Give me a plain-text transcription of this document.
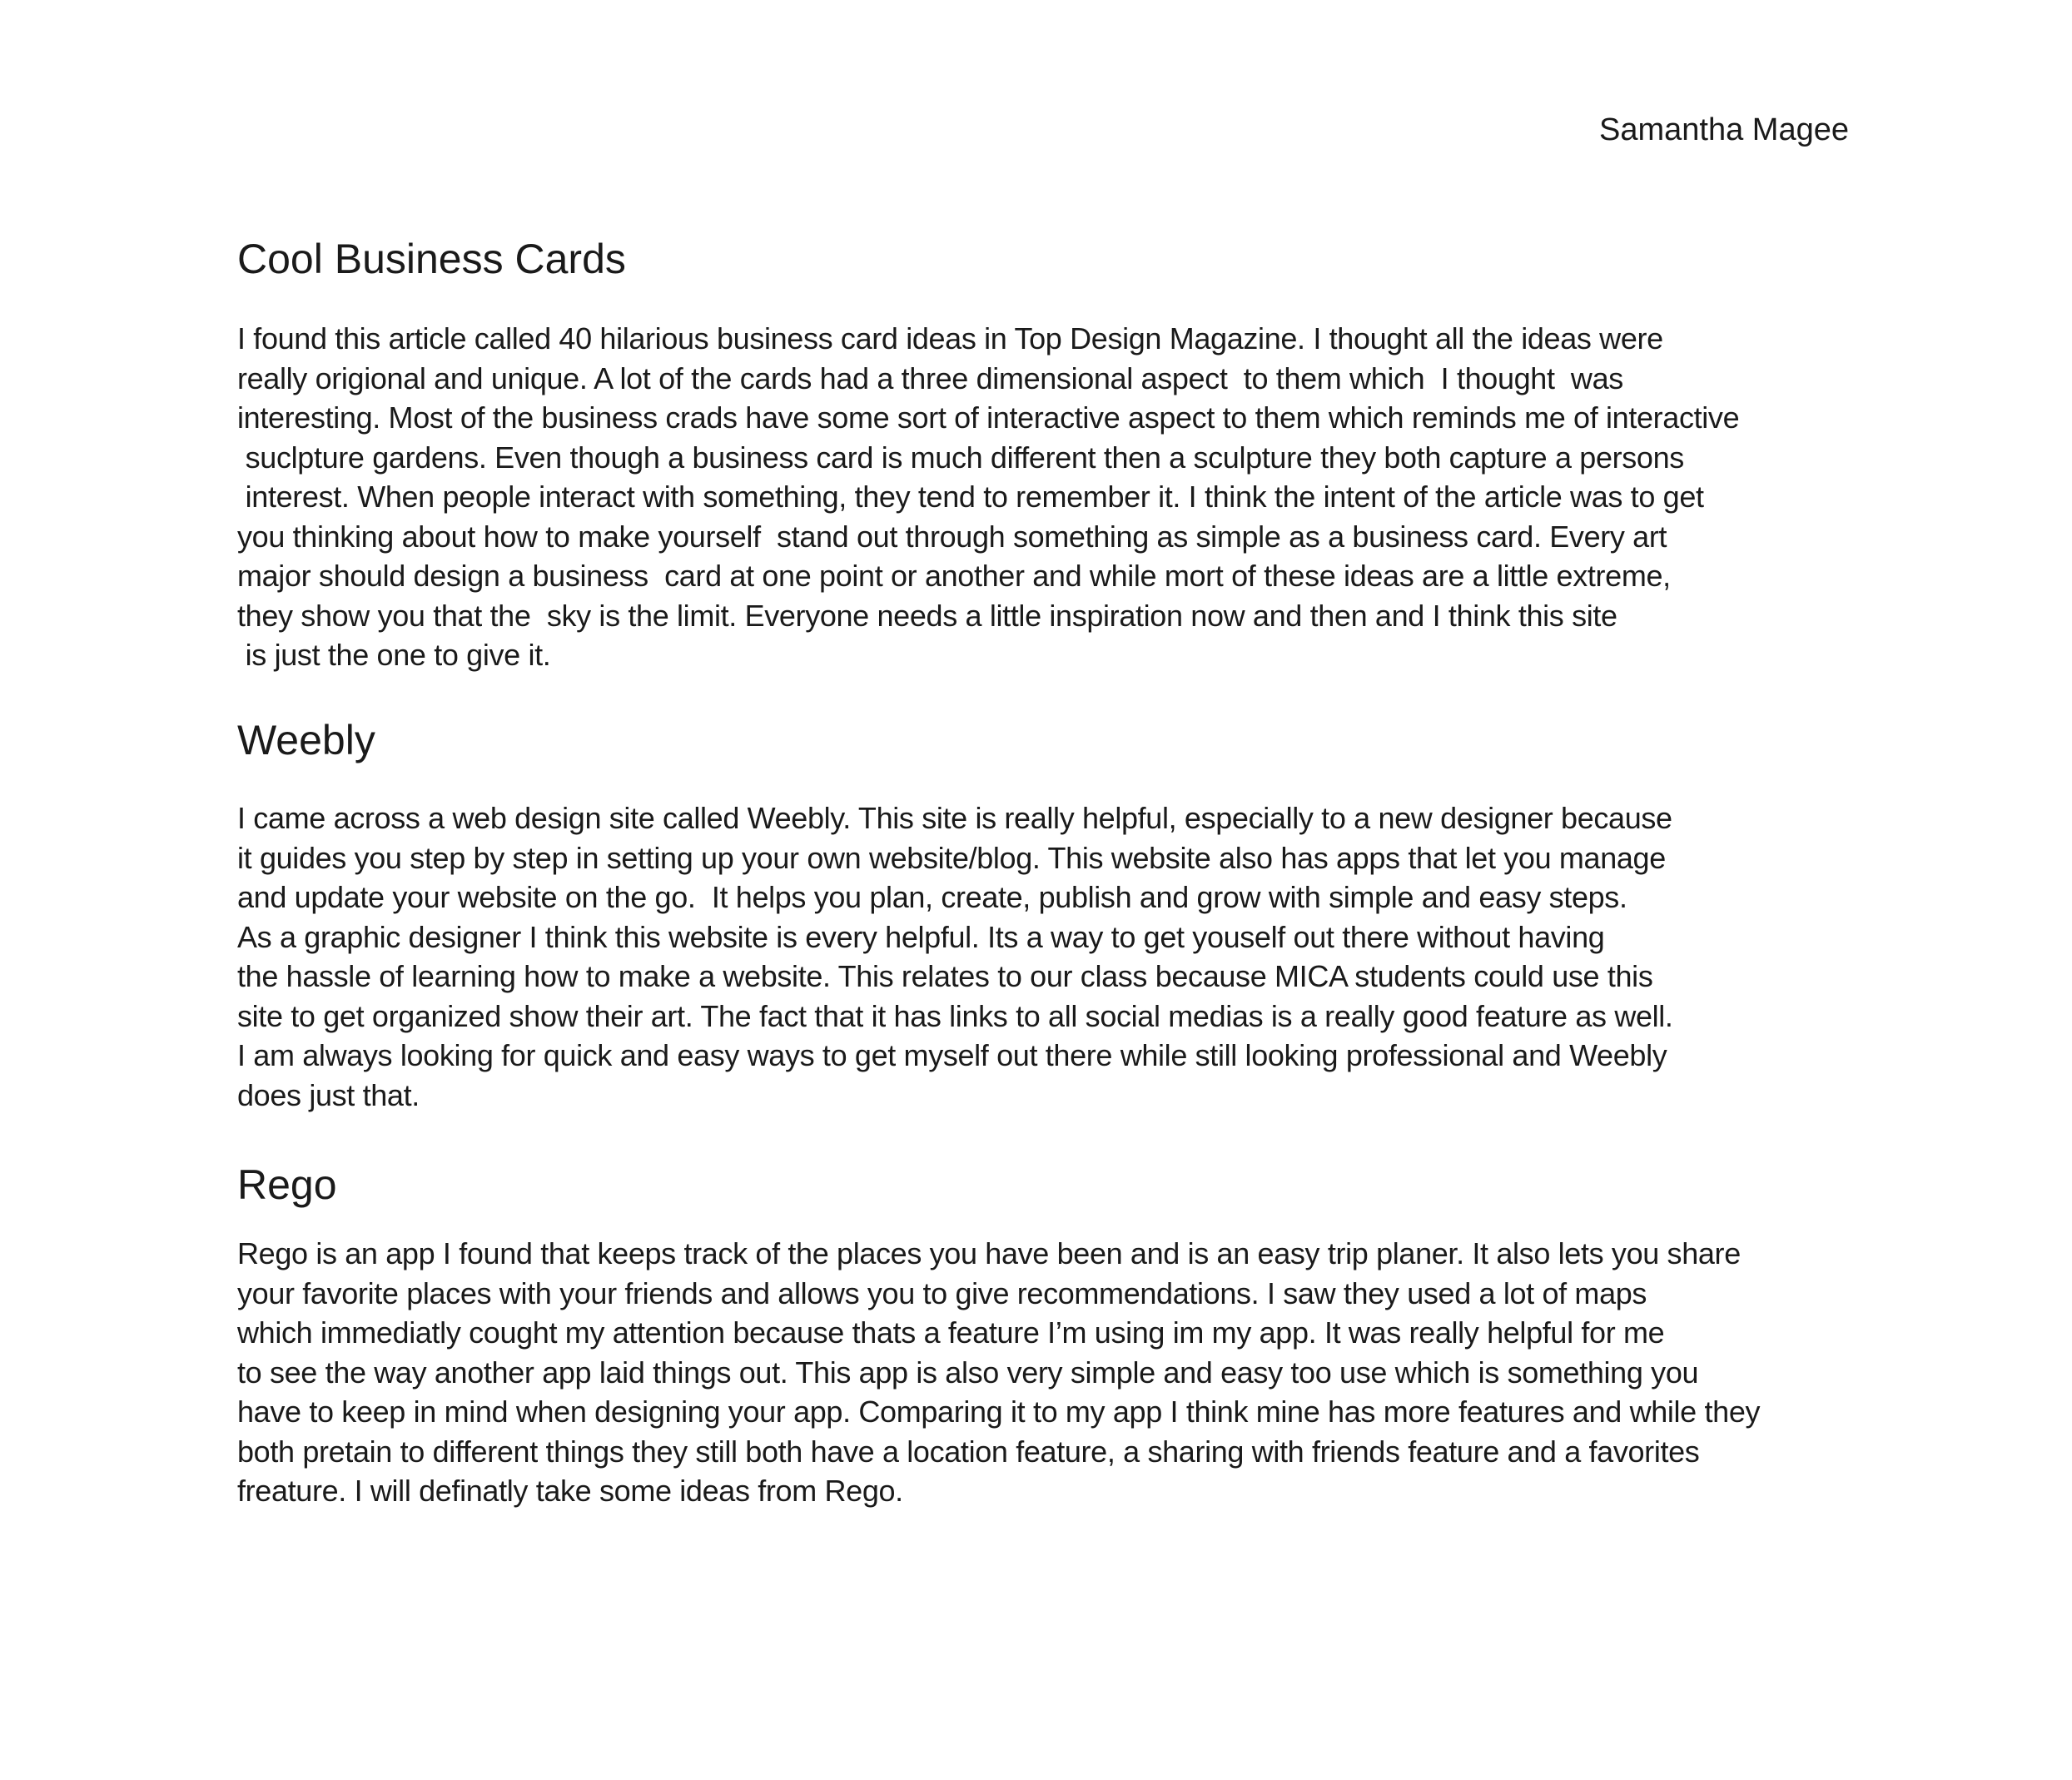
Samantha Magee
Cool Business Cards
I found this article called 40 hilarious business card ideas in Top Design Magazine. I thought all the ideas were
really origional and unique. A lot of the cards had a three dimensional aspect  to them which  I thought  was
interesting. Most of the business crads have some sort of interactive aspect to them which reminds me of interactive
suclpture gardens. Even though a business card is much different then a sculpture they both capture a persons
interest. When people interact with something, they tend to remember it. I think the intent of the article was to get
you thinking about how to make yourself  stand out through something as simple as a business card. Every art
major should design a business  card at one point or another and while mort of these ideas are a little extreme,
they show you that the  sky is the limit. Everyone needs a little inspiration now and then and I think this site
is just the one to give it.
Weebly
I came across a web design site called Weebly. This site is really helpful, especially to a new designer because
it guides you step by step in setting up your own website/blog. This website also has apps that let you manage
and update your website on the go.  It helps you plan, create, publish and grow with simple and easy steps.
As a graphic designer I think this website is every helpful. Its a way to get youself out there without having
the hassle of learning how to make a website. This relates to our class because MICA students could use this
site to get organized show their art. The fact that it has links to all social medias is a really good feature as well.
I am always looking for quick and easy ways to get myself out there while still looking professional and Weebly
does just that.
Rego
Rego is an app I found that keeps track of the places you have been and is an easy trip planer. It also lets you share
your favorite places with your friends and allows you to give recommendations. I saw they used a lot of maps
which immediatly cought my attention because thats a feature I’m using im my app. It was really helpful for me
to see the way another app laid things out. This app is also very simple and easy too use which is something you
have to keep in mind when designing your app. Comparing it to my app I think mine has more features and while they
both pretain to different things they still both have a location feature, a sharing with friends feature and a favorites
freature. I will definatly take some ideas from Rego.
